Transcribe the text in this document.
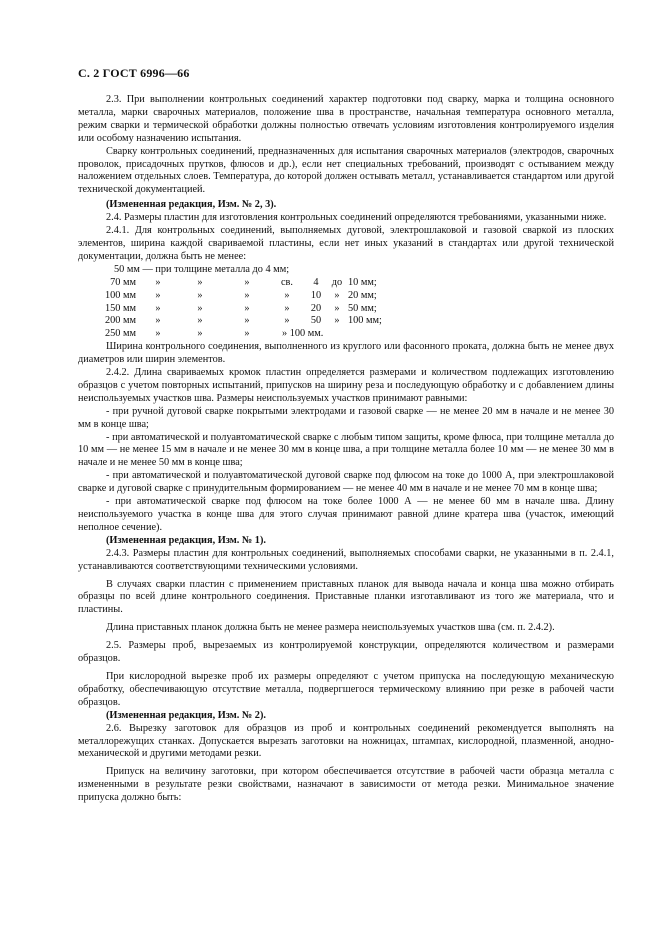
С. 2 ГОСТ 6996—66

2.3. При выполнении контрольных соединений характер подготовки под сварку, марка и толщина основного металла, марки сварочных материалов, положение шва в пространстве, начальная температура основного металла, режим сварки и термической обработки должны полностью отвечать условиям изготовления контролируемого изделия или особому назначению испытания.

Сварку контрольных соединений, предназначенных для испытания сварочных материалов (электродов, сварочных проволок, присадочных прутков, флюсов и др.), если нет специальных требований, производят с остыванием между наложением отдельных слоев. Температура, до которой должен остывать металл, устанавливается стандартом или другой технической документацией.

(Измененная редакция, Изм. № 2, 3).

2.4. Размеры пластин для изготовления контрольных соединений определяются требованиями, указанными ниже.

2.4.1. Для контрольных соединений, выполняемых дуговой, электрошлаковой и газовой сваркой из плоских элементов, ширина каждой свариваемой пластины, если нет иных указаний в стандартах или другой технической документации, должна быть не менее:

50 мм — при толщине металла до 4 мм;

70 мм	»	»	»	св.	4	до	10 мм;
100 мм	»	»	»	»	10	»	20 мм;
150 мм	»	»	»	»	20	»	50 мм;
200 мм	»	»	»	»	50	»	100 мм;
250 мм	»	»	»	» 100 мм.			

Ширина контрольного соединения, выполненного из круглого или фасонного проката, должна быть не менее двух диаметров или ширин элементов.

2.4.2. Длина свариваемых кромок пластин определяется размерами и количеством подлежащих изготовлению образцов с учетом повторных испытаний, припусков на ширину реза и последующую обработку и с добавлением длины неиспользуемых участков шва. Размеры неиспользуемых участков принимают равными:

- при ручной дуговой сварке покрытыми электродами и газовой сварке — не менее 20 мм в начале и не менее 30 мм в конце шва;

- при автоматической и полуавтоматической сварке с любым типом защиты, кроме флюса, при толщине металла до 10 мм — не менее 15 мм в начале и не менее 30 мм в конце шва, а при толщине металла более 10 мм — не менее 30 мм в начале и не менее 50 мм в конце шва;

- при автоматической и полуавтоматической дуговой сварке под флюсом на токе до 1000 А, при электрошлаковой сварке и дуговой сварке с принудительным формированием — не менее 40 мм в начале и не менее 70 мм в конце шва;

- при автоматической сварке под флюсом на токе более 1000 А — не менее 60 мм в начале шва. Длину неиспользуемого участка в конце шва для этого случая принимают равной длине кратера шва (участок, имеющий неполное сечение).

(Измененная редакция, Изм. № 1).

2.4.3. Размеры пластин для контрольных соединений, выполняемых способами сварки, не указанными в п. 2.4.1, устанавливаются соответствующими техническими условиями.

В случаях сварки пластин с применением приставных планок для вывода начала и конца шва можно отбирать образцы по всей длине контрольного соединения. Приставные планки изготавливают из того же материала, что и пластины.

Длина приставных планок должна быть не менее размера неиспользуемых участков шва (см. п. 2.4.2).

2.5. Размеры проб, вырезаемых из контролируемой конструкции, определяются количеством и размерами образцов.

При кислородной вырезке проб их размеры определяют с учетом припуска на последующую механическую обработку, обеспечивающую отсутствие металла, подвергшегося термическому влиянию при резке в рабочей части образцов.

(Измененная редакция, Изм. № 2).

2.6. Вырезку заготовок для образцов из проб и контрольных соединений рекомендуется выполнять на металлорежущих станках. Допускается вырезать заготовки на ножницах, штампах, кислородной, плазменной, анодно-механической и другими методами резки.

Припуск на величину заготовки, при котором обеспечивается отсутствие в рабочей части образца металла с измененными в результате резки свойствами, назначают в зависимости от метода резки. Минимальное значение припуска должно быть:
